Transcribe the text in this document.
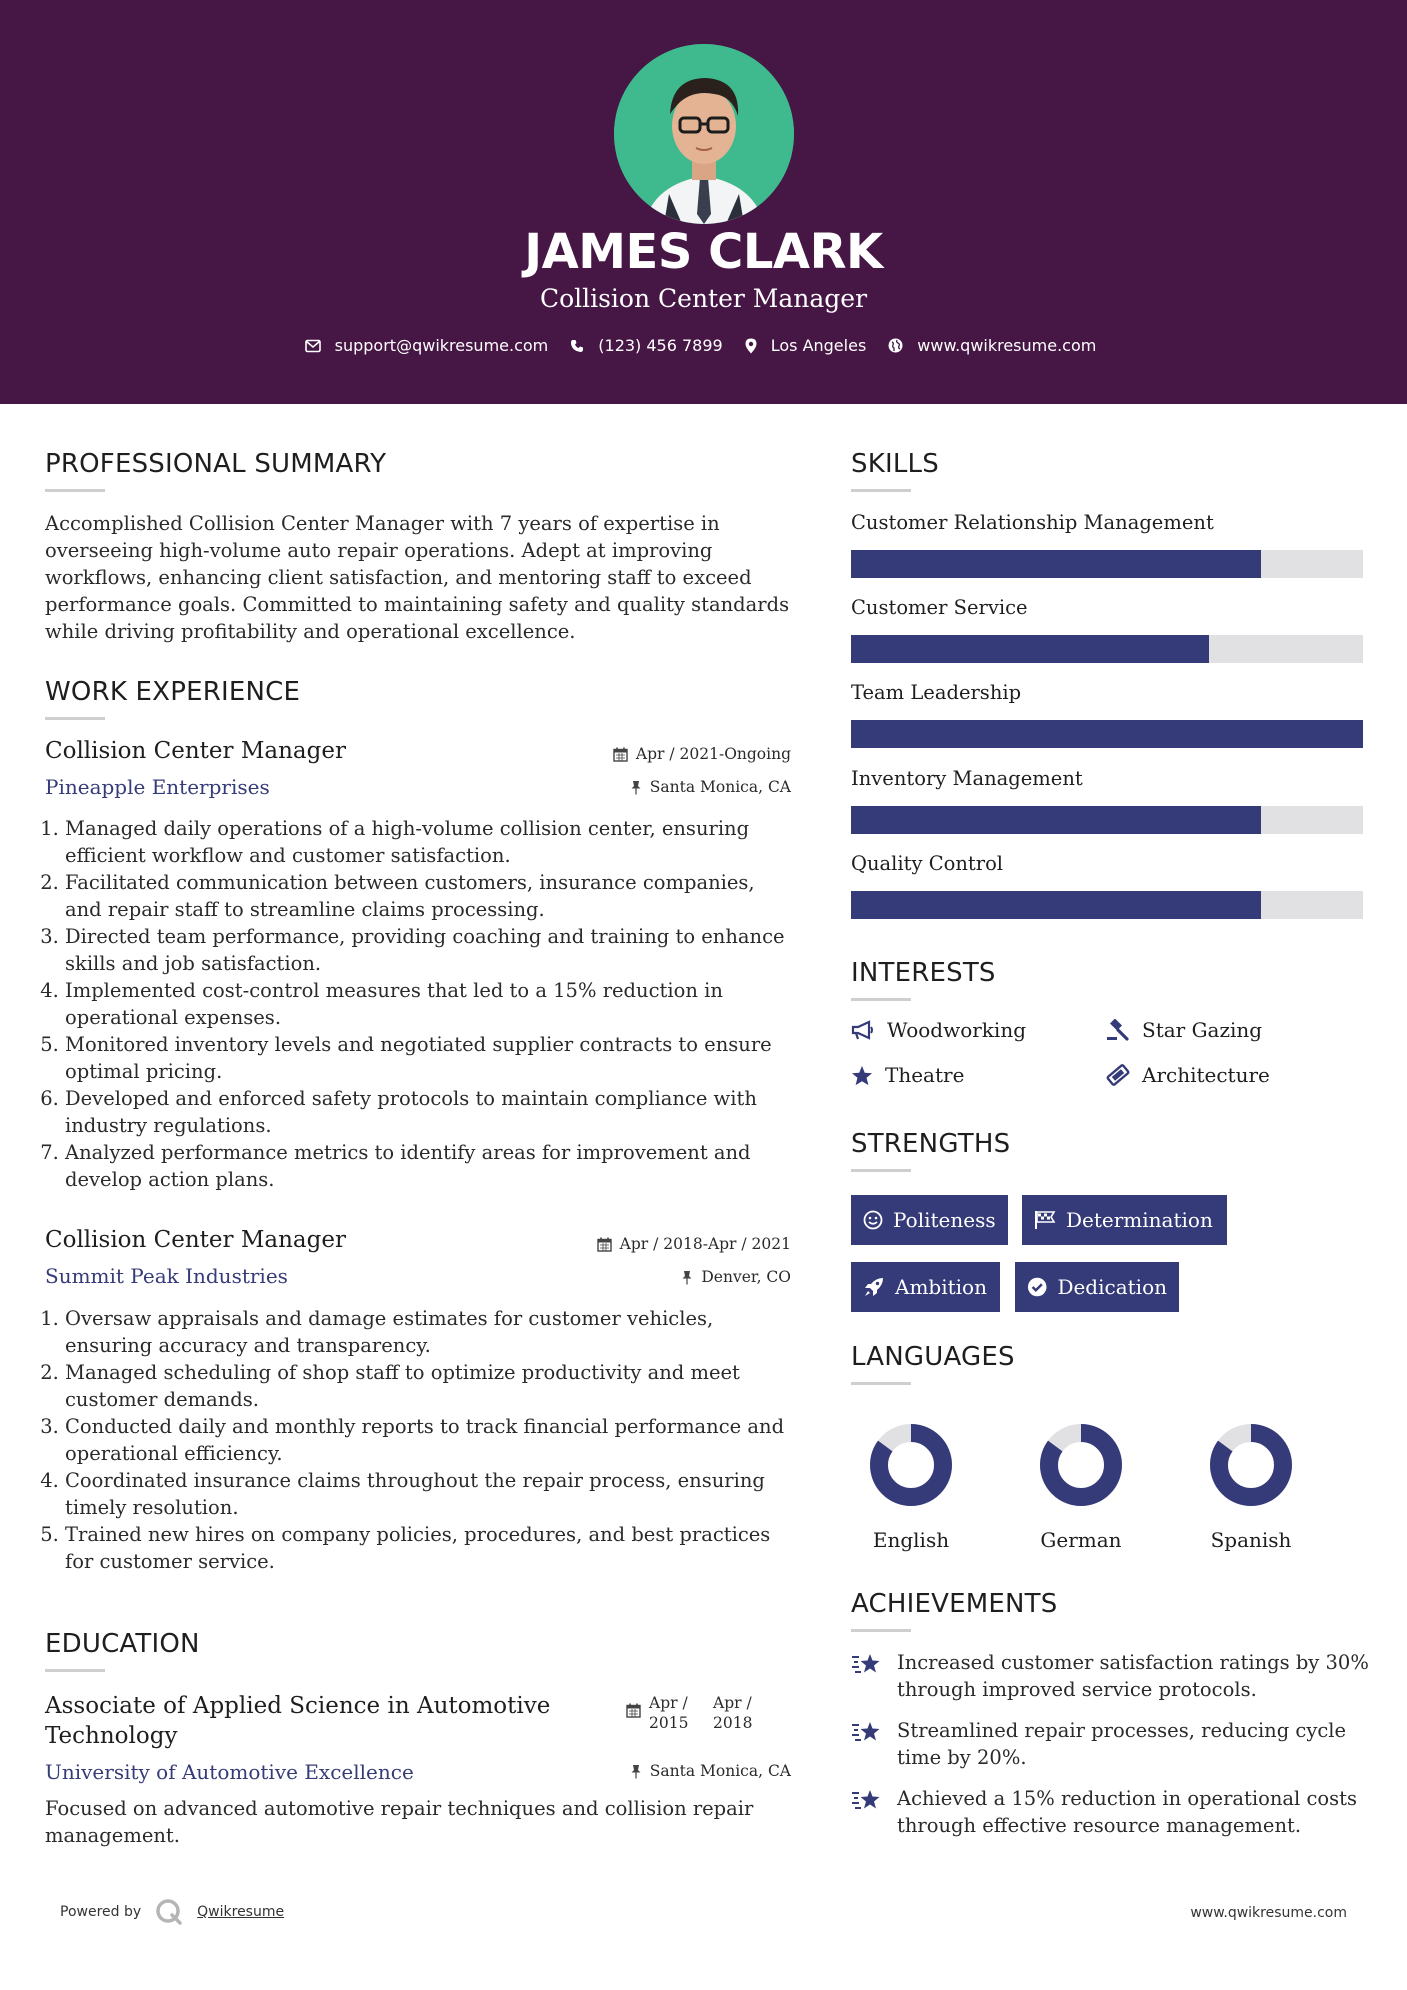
JAMES CLARK
Collision Center Manager
support@qwikresume.com	(123) 456 7899	Los Angeles	www.qwikresume.com
PROFESSIONAL SUMMARY
Accomplished Collision Center Manager with 7 years of expertise in overseeing high-volume auto repair operations. Adept at improving workflows, enhancing client satisfaction, and mentoring staff to exceed performance goals. Committed to maintaining safety and quality standards while driving profitability and operational excellence.
WORK EXPERIENCE
Collision Center Manager
Pineapple Enterprises
Apr / 2021-Ongoing
Santa Monica, CA
1. Managed daily operations of a high-volume collision center, ensuring efficient workflow and customer satisfaction.
2. Facilitated communication between customers, insurance companies, and repair staff to streamline claims processing.
3. Directed team performance, providing coaching and training to enhance skills and job satisfaction.
4. Implemented cost-control measures that led to a 15% reduction in operational expenses.
5. Monitored inventory levels and negotiated supplier contracts to ensure optimal pricing.
6. Developed and enforced safety protocols to maintain compliance with industry regulations.
7. Analyzed performance metrics to identify areas for improvement and develop action plans.
Collision Center Manager
Summit Peak Industries
Apr / 2018-Apr / 2021
Denver, CO
1. Oversaw appraisals and damage estimates for customer vehicles, ensuring accuracy and transparency.
2. Managed scheduling of shop staff to optimize productivity and meet customer demands.
3. Conducted daily and monthly reports to track financial performance and operational efficiency.
4. Coordinated insurance claims throughout the repair process, ensuring timely resolution.
5. Trained new hires on company policies, procedures, and best practices for customer service.
EDUCATION
Associate of Applied Science in Automotive Technology
University of Automotive Excellence
Apr /
2015
Apr /
2018
Santa Monica, CA
Focused on advanced automotive repair techniques and collision repair management.
SKILLS
Customer Relationship Management
Customer Service
Team Leadership
Inventory Management
Quality Control
INTERESTS
Woodworking	Star Gazing
Theatre	Architecture
STRENGTHS
Politeness	Determination
Ambition	Dedication
LANGUAGES
English	German	Spanish
ACHIEVEMENTS
Increased customer satisfaction ratings by 30% through improved service protocols.
Streamlined repair processes, reducing cycle time by 20%.
Achieved a 15% reduction in operational costs through effective resource management.
Powered by	Qwikresume	www.qwikresume.com
